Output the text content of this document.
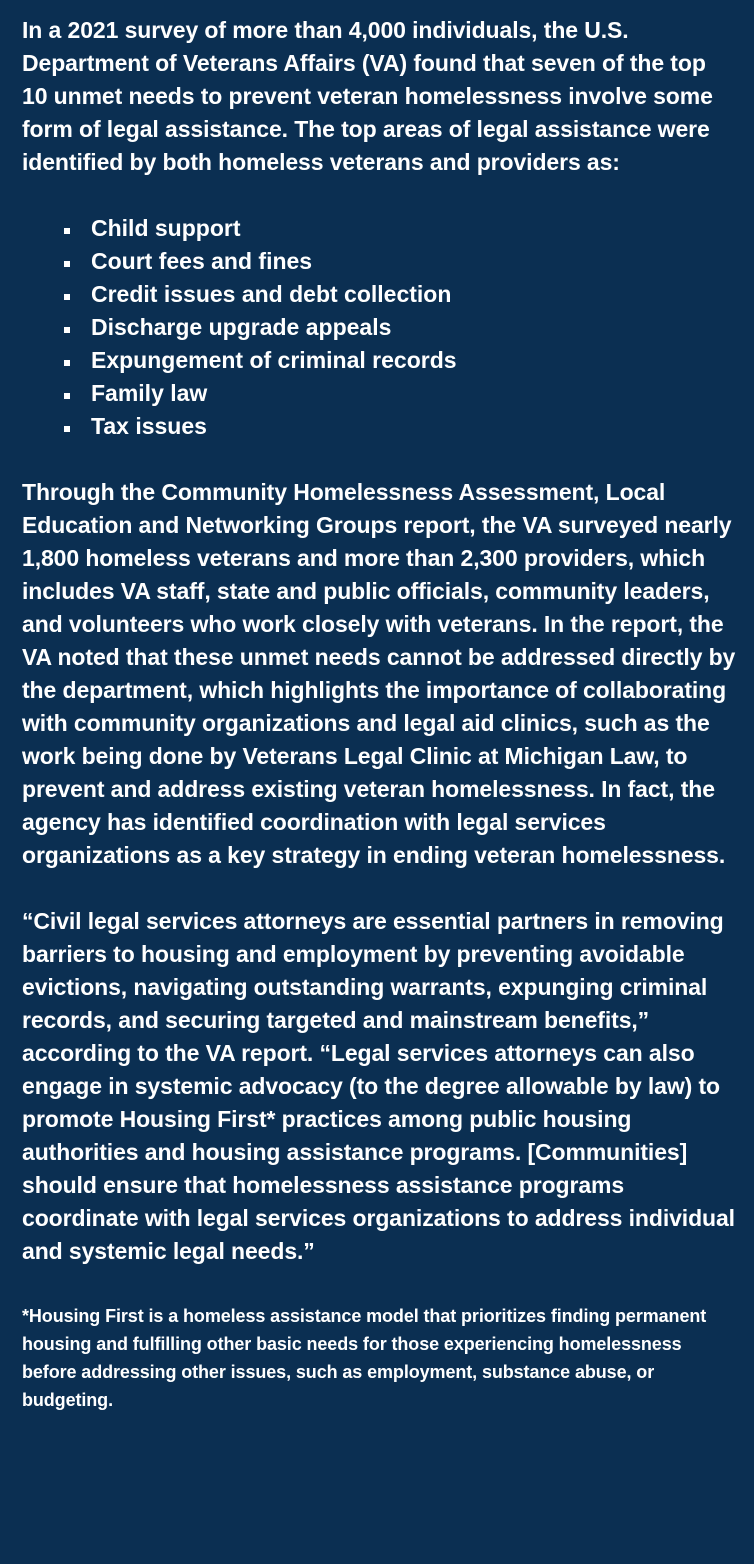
In a 2021 survey of more than 4,000 individuals, the U.S. Department of Veterans Affairs (VA) found that seven of the top 10 unmet needs to prevent veteran homelessness involve some form of legal assistance. The top areas of legal assistance were identified by both homeless veterans and providers as:

Child support
Court fees and fines
Credit issues and debt collection
Discharge upgrade appeals
Expungement of criminal records
Family law
Tax issues

Through the Community Homelessness Assessment, Local Education and Networking Groups report, the VA surveyed nearly 1,800 homeless veterans and more than 2,300 providers, which includes VA staff, state and public officials, community leaders, and volunteers who work closely with veterans. In the report, the VA noted that these unmet needs cannot be addressed directly by the department, which highlights the importance of collaborating with community organizations and legal aid clinics, such as the work being done by Veterans Legal Clinic at Michigan Law, to prevent and address existing veteran homelessness. In fact, the agency has identified coordination with legal services organizations as a key strategy in ending veteran homelessness.

“Civil legal services attorneys are essential partners in removing barriers to housing and employment by preventing avoidable evictions, navigating outstanding warrants, expunging criminal records, and securing targeted and mainstream benefits,” according to the VA report. “Legal services attorneys can also engage in systemic advocacy (to the degree allowable by law) to promote Housing First* practices among public housing authorities and housing assistance programs. [Communities] should ensure that homelessness assistance programs coordinate with legal services organizations to address individual and systemic legal needs.”

*Housing First is a homeless assistance model that prioritizes finding permanent housing and fulfilling other basic needs for those experiencing homelessness before addressing other issues, such as employment, substance abuse, or budgeting.
